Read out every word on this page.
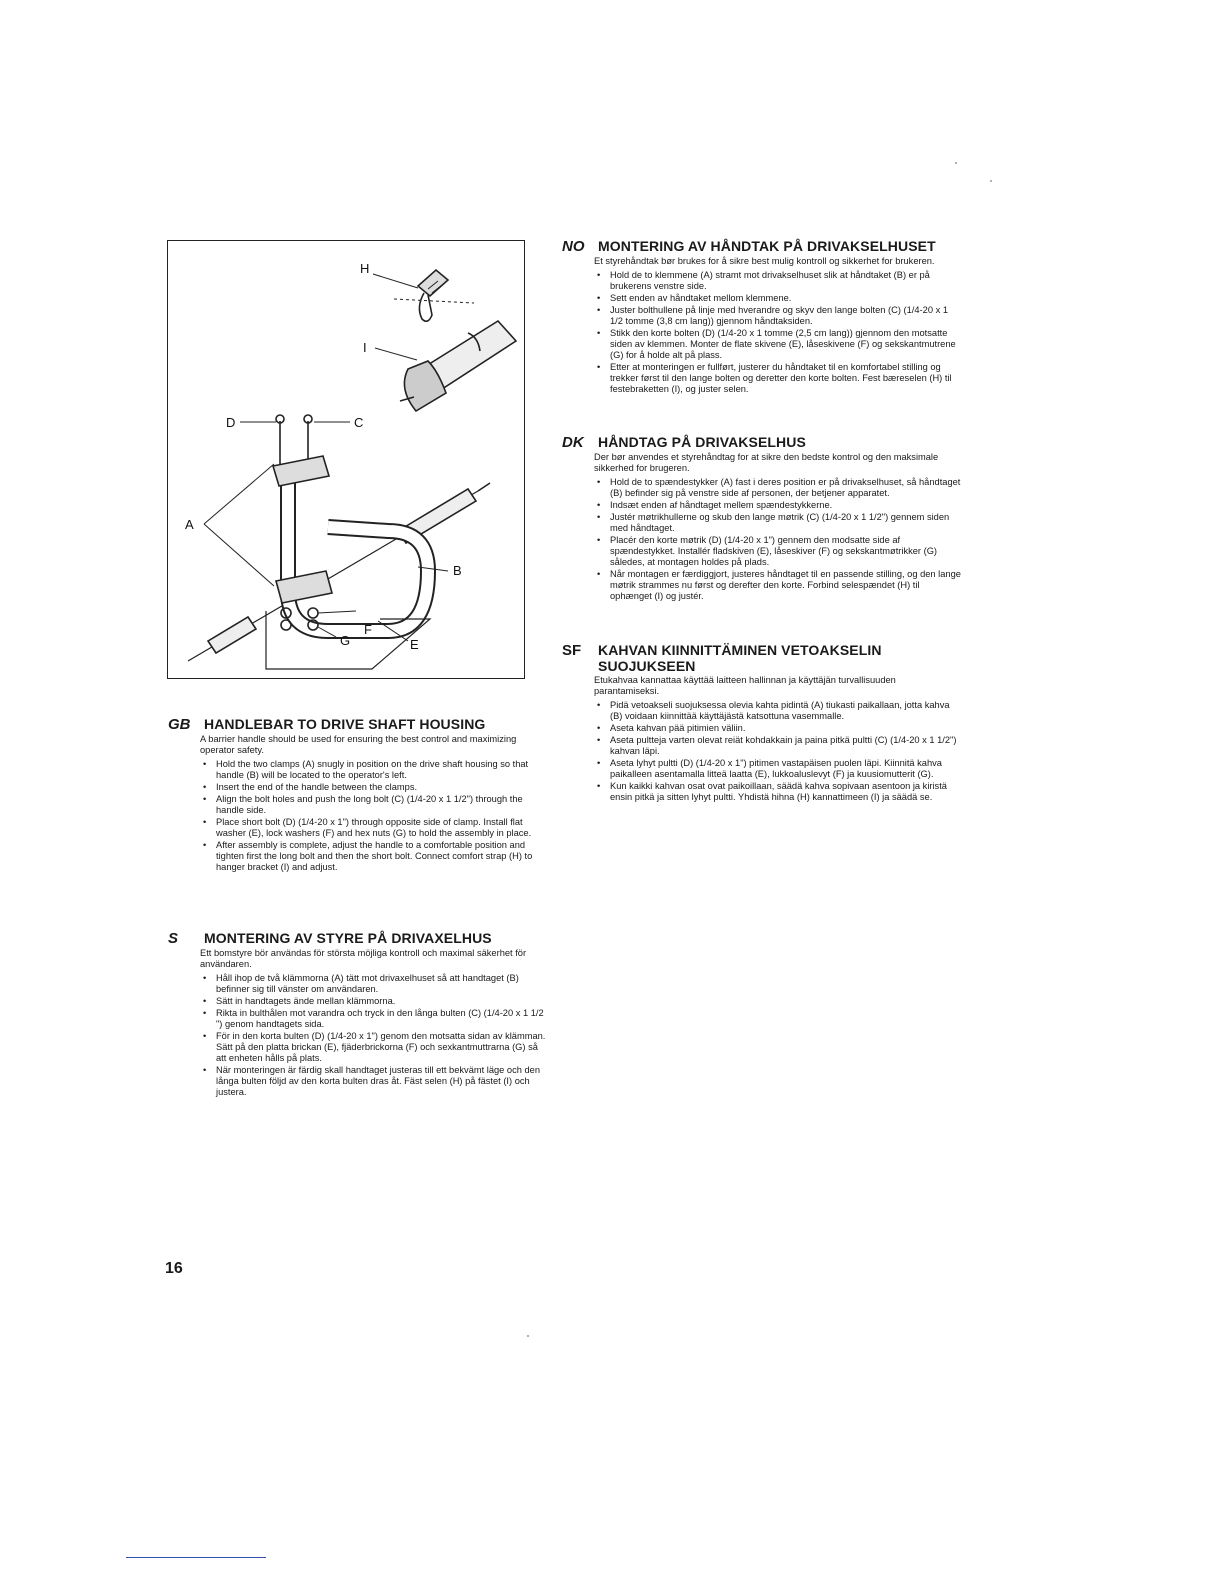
H
I
D	C
A
B
F
G	E
GB HANDLEBAR TO DRIVE SHAFT HOUSING
A barrier handle should be used for ensuring the best control and maximizing operator safety.
• Hold the two clamps (A) snugly in position on the drive shaft housing so that handle (B) will be located to the operator's left.
• Insert the end of the handle between the clamps.
• Align the bolt holes and push the long bolt (C) (1/4-20 x 1 1/2") through the handle side.
• Place short bolt (D) (1/4-20 x 1") through opposite side of clamp. Install flat washer (E), lock washers (F) and hex nuts (G) to hold the assembly in place.
• After assembly is complete, adjust the handle to a comfortable position and tighten first the long bolt and then the short bolt. Connect comfort strap (H) to hanger bracket (I) and adjust.
S	MONTERING AV STYRE PÅ DRIVAXELHUS
Ett bomstyre bör användas för största möjliga kontroll och maximal säkerhet för användaren.
• Håll ihop de två klämmorna (A) tätt mot drivaxelhuset så att handtaget (B) befinner sig till vänster om användaren.
• Sätt in handtagets ände mellan klämmorna.
• Rikta in bulthålen mot varandra och tryck in den långa bulten (C) (1/4-20 x 1 1/2 ") genom handtagets sida.
• För in den korta bulten (D) (1/4-20 x 1") genom den motsatta sidan av klämman. Sätt på den platta brickan (E), fjäderbrickorna (F) och sexkantmuttrarna (G) så att enheten hålls på plats.
• När monteringen är färdig skall handtaget justeras till ett bekvämt läge och den långa bulten följd av den korta bulten dras åt. Fäst selen (H) på fästet (I) och justera.
NO MONTERING AV HÅNDTAK PÅ DRIVAKSELHUSET
Et styrehåndtak bør brukes for å sikre best mulig kontroll og sikkerhet for brukeren.
• Hold de to klemmene (A) stramt mot drivakselhuset slik at håndtaket (B) er på brukerens venstre side.
• Sett enden av håndtaket mellom klemmene.
• Juster bolthullene på linje med hverandre og skyv den lange bolten (C) (1/4-20 x 1 1/2 tomme (3,8 cm lang)) gjennom håndtaksiden.
• Stikk den korte bolten (D) (1/4-20 x 1 tomme (2,5 cm lang)) gjennom den motsatte siden av klemmen. Monter de flate skivene (E), låseskivene (F) og sekskantmutrene (G) for å holde alt på plass.
• Etter at monteringen er fullført, justerer du håndtaket til en komfortabel stilling og trekker først til den lange bolten og deretter den korte bolten. Fest bæreselen (H) til festebraketten (I), og juster selen.
DK	HÅNDTAG PÅ DRIVAKSELHUS
Der bør anvendes et styrehåndtag for at sikre den bedste kontrol og den maksimale sikkerhed for brugeren.
• Hold de to spændestykker (A) fast i deres position er på drivakselhuset, så håndtaget (B) befinder sig på venstre side af personen, der betjener apparatet.
• Indsæt enden af håndtaget mellem spændestykkerne.
• Justér møtrikhullerne og skub den lange møtrik (C) (1/4-20 x 1 1/2") gennem siden med håndtaget.
• Placér den korte møtrik (D) (1/4-20 x 1") gennem den modsatte side af spændestykket. Installér fladskiven (E), låseskiver (F) og sekskantmøtrikker (G) således, at montagen holdes på plads.
• Når montagen er færdiggjort, justeres håndtaget til en passende stilling, og den lange møtrik strammes nu først og derefter den korte. Forbind selespændet (H) til ophænget (I) og justér.
SF	KAHVAN KIINNITTÄMINEN VETOAKSELIN SUOJUKSEEN
Etukahvaa kannattaa käyttää laitteen hallinnan ja käyttäjän turvallisuuden parantamiseksi.
• Pidä vetoakseli suojuksessa olevia kahta pidintä (A) tiukasti paikallaan, jotta kahva (B) voidaan kiinnittää käyttäjästä katsottuna vasemmalle.
• Aseta kahvan pää pitimien väliin.
• Aseta pultteja varten olevat reiät kohdakkain ja paina pitkä pultti (C) (1/4-20 x 1 1/2") kahvan läpi.
• Aseta lyhyt pultti (D) (1/4-20 x 1") pitimen vastapäisen puolen läpi. Kiinnitä kahva paikalleen asentamalla litteä laatta (E), lukkoaluslevyt (F) ja kuusiomutterit (G).
• Kun kaikki kahvan osat ovat paikoillaan, säädä kahva sopivaan asentoon ja kiristä ensin pitkä ja sitten lyhyt pultti. Yhdistä hihna (H) kannattimeen (I) ja säädä se.
16
